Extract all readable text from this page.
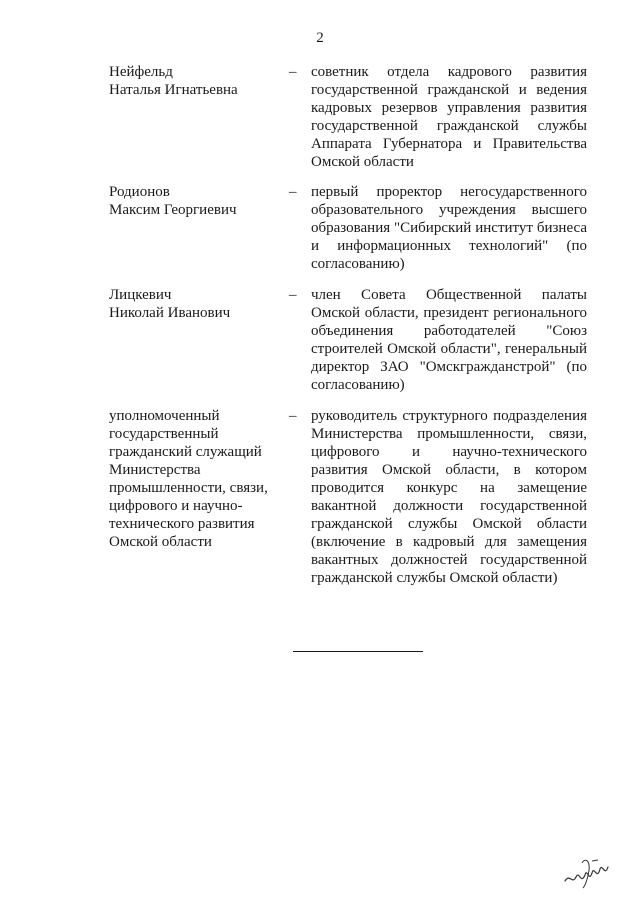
2
Нейфельд
Наталья Игнатьевна
– советник отдела кадрового развития государственной гражданской и ведения кадровых резервов управления развития государственной гражданской службы Аппарата Губернатора и Правительства Омской области
Родионов
Максим Георгиевич
– первый проректор негосударственного образовательного учреждения высшего образования "Сибирский институт бизнеса и информационных технологий" (по согласованию)
Лицкевич
Николай Иванович
– член Совета Общественной палаты Омской области, президент регионального объединения работодателей "Союз строителей Омской области", генеральный директор ЗАО "Омскгражданстрой" (по согласованию)
уполномоченный
государственный
гражданский служащий
Министерства
промышленности, связи,
цифрового и научно-
технического развития
Омской области
– руководитель структурного подразделения Министерства промышленности, связи, цифрового и научно-технического развития Омской области, в котором проводится конкурс на замещение вакантной должности государственной гражданской службы Омской области (включение в кадровый для замещения вакантных должностей государственной гражданской службы Омской области)
